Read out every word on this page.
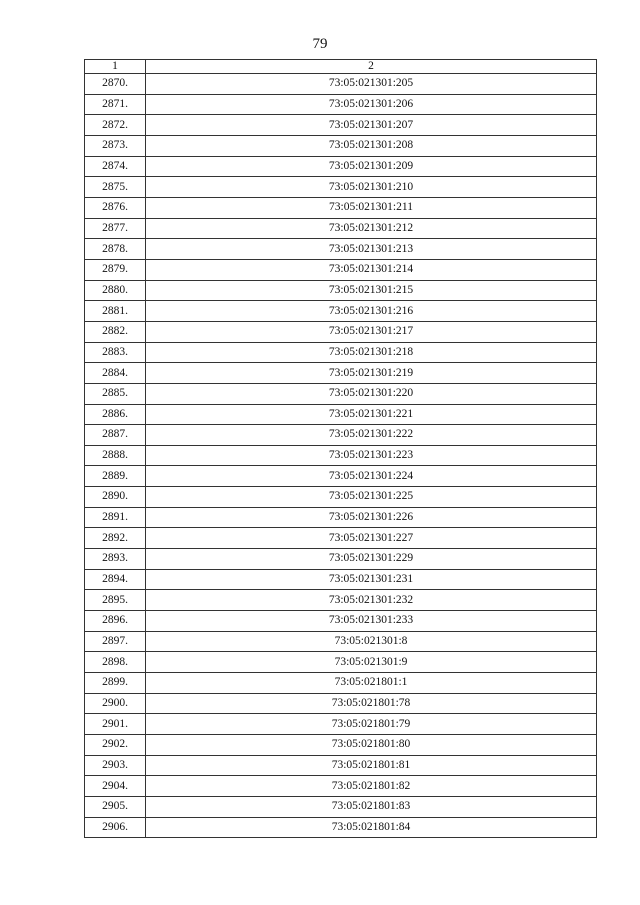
79
1	2
2870.	73:05:021301:205
2871.	73:05:021301:206
2872.	73:05:021301:207
2873.	73:05:021301:208
2874.	73:05:021301:209
2875.	73:05:021301:210
2876.	73:05:021301:211
2877.	73:05:021301:212
2878.	73:05:021301:213
2879.	73:05:021301:214
2880.	73:05:021301:215
2881.	73:05:021301:216
2882.	73:05:021301:217
2883.	73:05:021301:218
2884.	73:05:021301:219
2885.	73:05:021301:220
2886.	73:05:021301:221
2887.	73:05:021301:222
2888.	73:05:021301:223
2889.	73:05:021301:224
2890.	73:05:021301:225
2891.	73:05:021301:226
2892.	73:05:021301:227
2893.	73:05:021301:229
2894.	73:05:021301:231
2895.	73:05:021301:232
2896.	73:05:021301:233
2897.	73:05:021301:8
2898.	73:05:021301:9
2899.	73:05:021801:1
2900.	73:05:021801:78
2901.	73:05:021801:79
2902.	73:05:021801:80
2903.	73:05:021801:81
2904.	73:05:021801:82
2905.	73:05:021801:83
2906.	73:05:021801:84
